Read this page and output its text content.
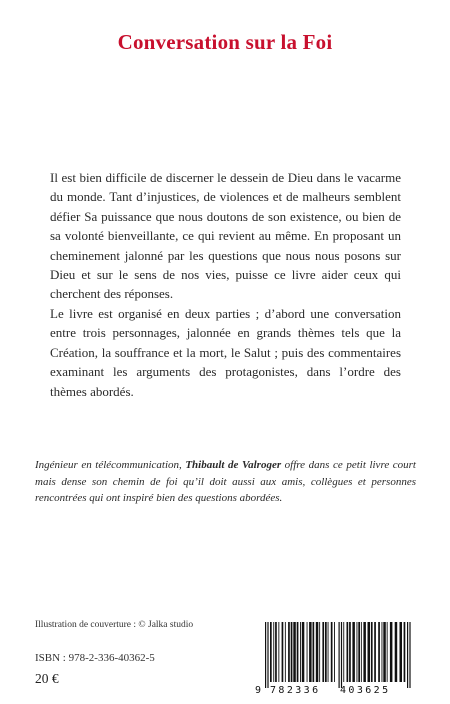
Conversation sur la Foi

Il est bien difficile de discerner le dessein de Dieu dans le vacarme du monde. Tant d’injustices, de violences et de malheurs semblent défier Sa puissance que nous doutons de son existence, ou bien de sa volonté bienveillante, ce qui revient au même. En proposant un cheminement jalonné par les questions que nous nous posons sur Dieu et sur le sens de nos vies, puisse ce livre aider ceux qui cherchent des réponses.

Le livre est organisé en deux parties ; d’abord une conversation entre trois personnages, jalonnée en grands thèmes tels que la Création, la souffrance et la mort, le Salut ; puis des commentaires examinant les arguments des protagonistes, dans l’ordre des thèmes abordés.

Ingénieur en télécommunication, Thibault de Valroger offre dans ce petit livre court mais dense son chemin de foi qu’il doit aussi aux amis, collègues et personnes rencontrées qui ont inspiré bien des questions abordées.

Illustration de couverture : © Jalka studio
ISBN : 978-2-336-40362-5
20 €
9 782336 403625
